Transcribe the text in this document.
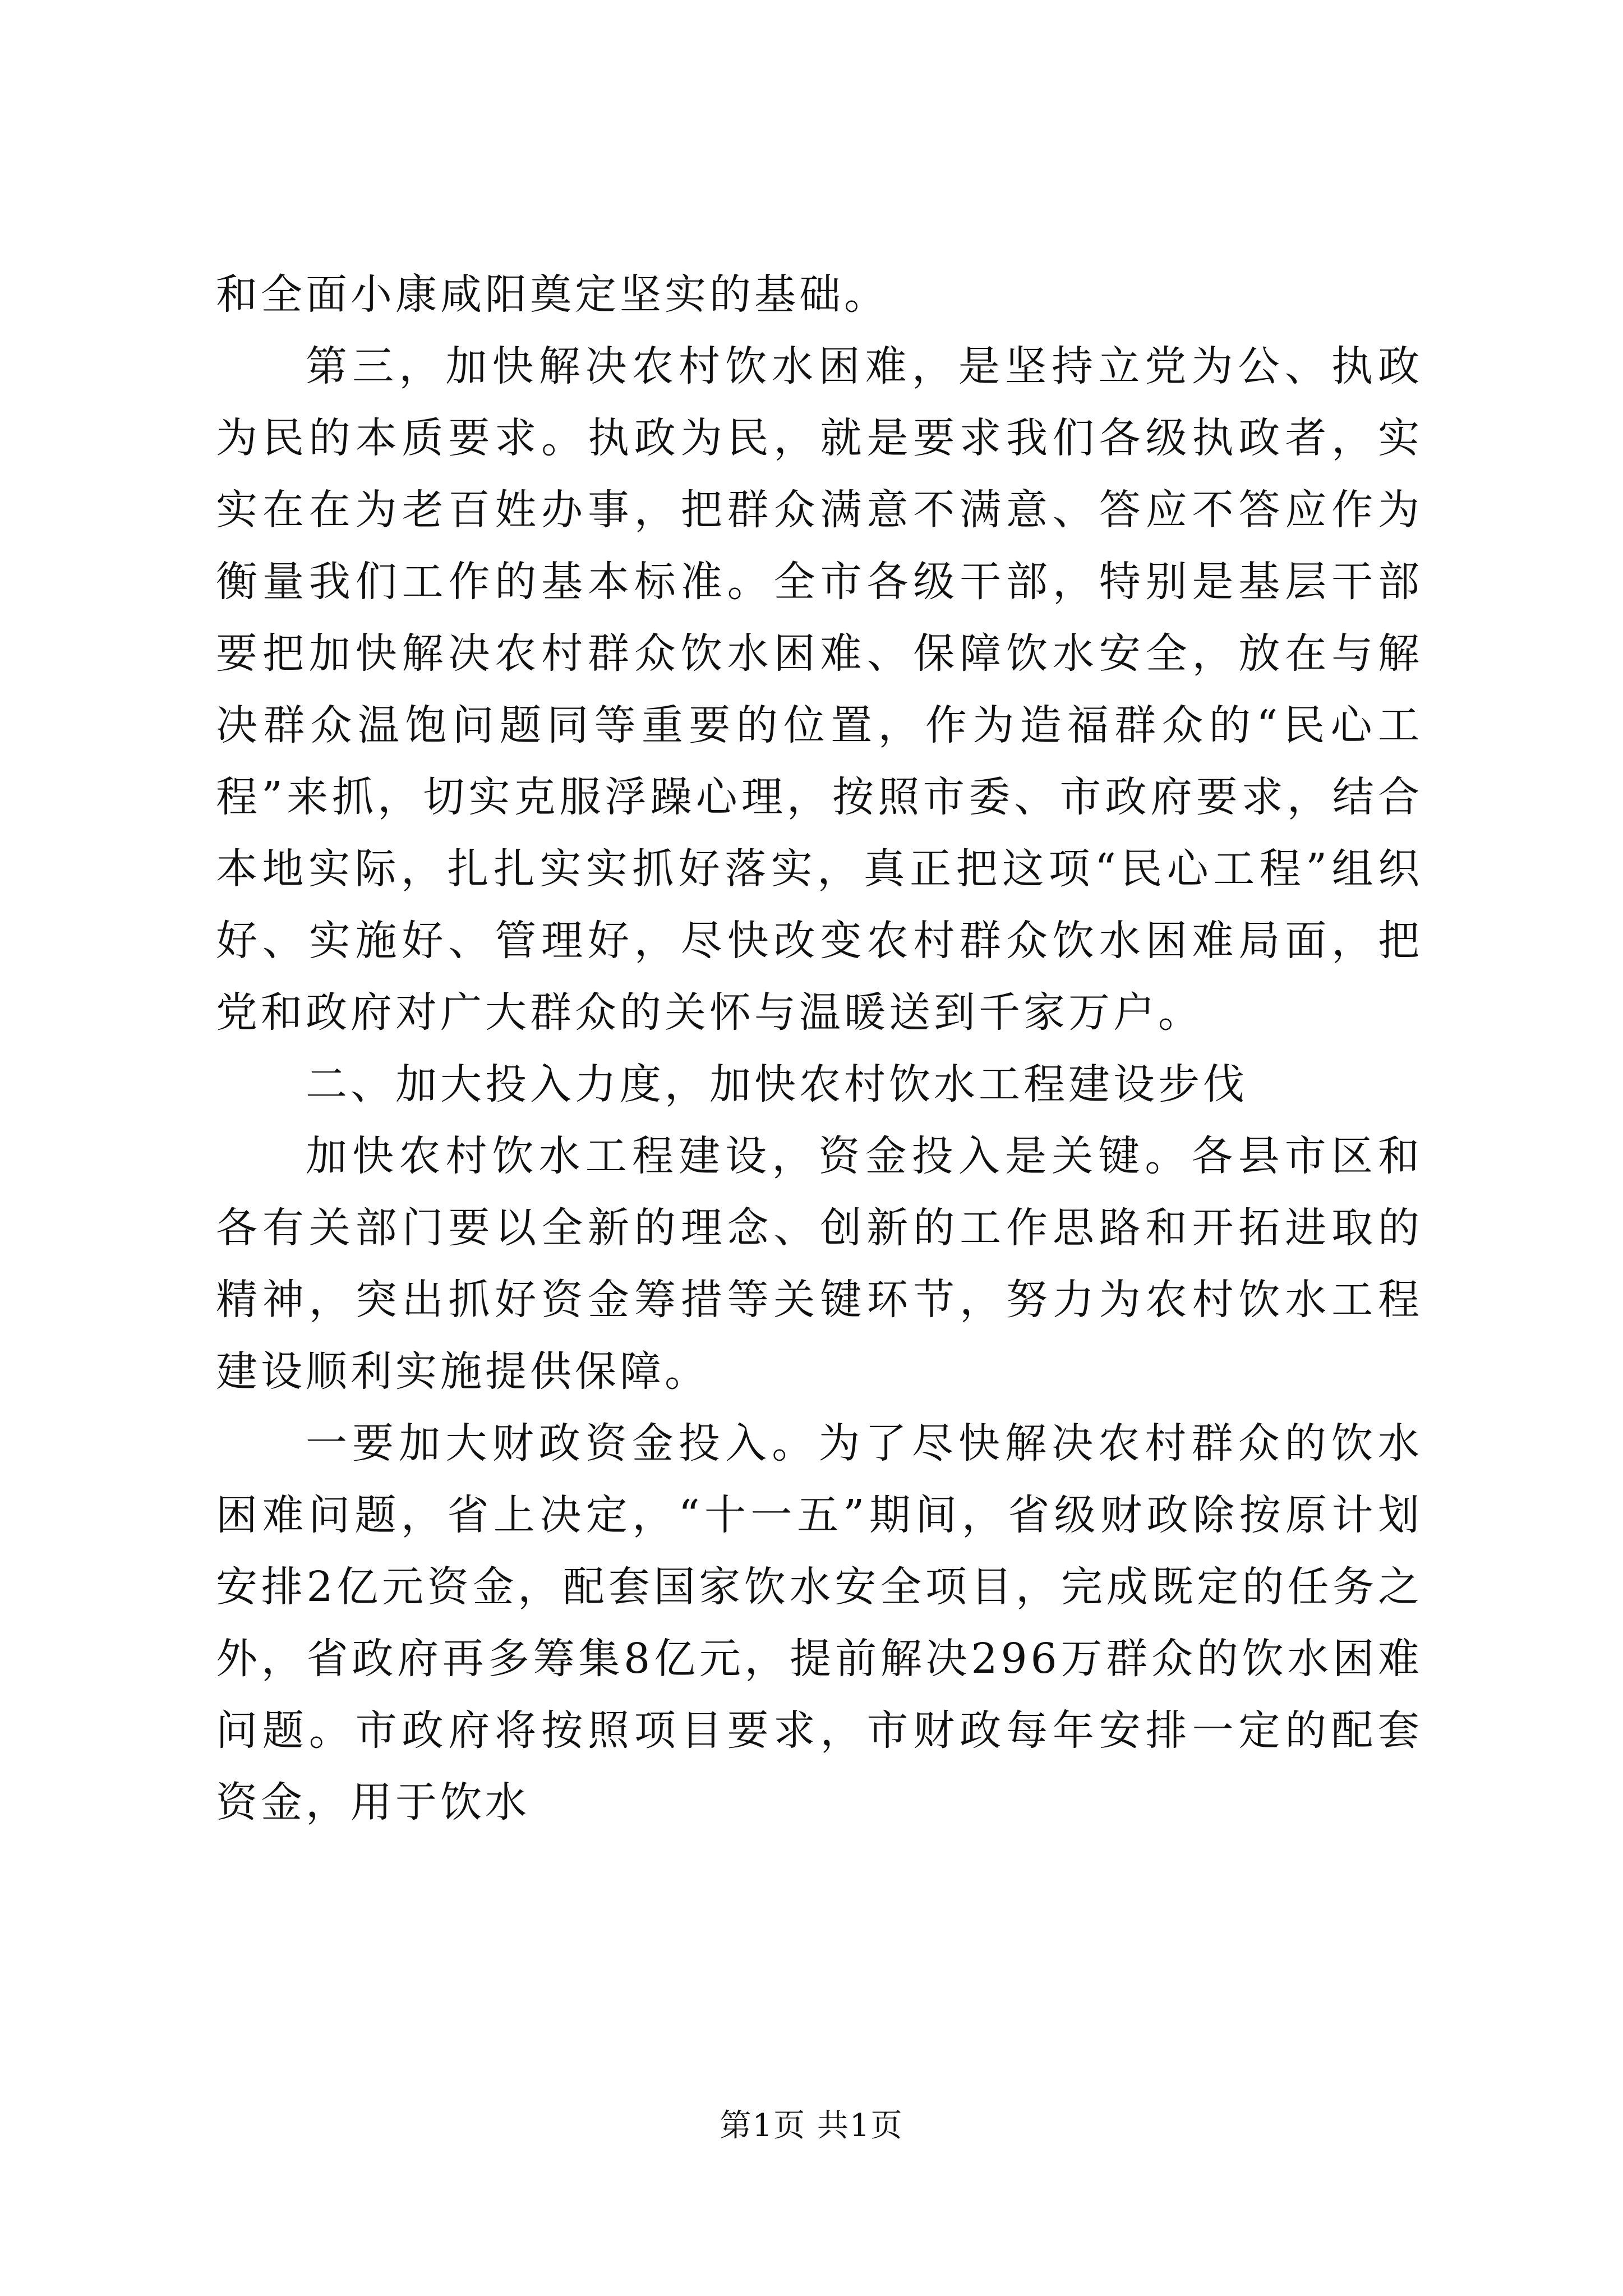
和全面小康咸阳奠定坚实的基础。

第三，加快解决农村饮水困难，是坚持立党为公、执政为民的本质要求。执政为民，就是要求我们各级执政者，实实在在为老百姓办事，把群众满意不满意、答应不答应作为衡量我们工作的基本标准。全市各级干部，特别是基层干部要把加快解决农村群众饮水困难、保障饮水安全，放在与解决群众温饱问题同等重要的位置，作为造福群众的“民心工程”来抓，切实克服浮躁心理，按照市委、市政府要求，结合本地实际，扎扎实实抓好落实，真正把这项“民心工程”组织好、实施好、管理好，尽快改变农村群众饮水困难局面，把党和政府对广大群众的关怀与温暖送到千家万户。

二、加大投入力度，加快农村饮水工程建设步伐

加快农村饮水工程建设，资金投入是关键。各县市区和各有关部门要以全新的理念、创新的工作思路和开拓进取的精神，突出抓好资金筹措等关键环节，努力为农村饮水工程建设顺利实施提供保障。

一要加大财政资金投入。为了尽快解决农村群众的饮水困难问题，省上决定，“十一五”期间，省级财政除按原计划安排2亿元资金，配套国家饮水安全项目，完成既定的任务之外，省政府再多筹集8亿元，提前解决296万群众的饮水困难问题。市政府将按照项目要求，市财政每年安排一定的配套资金，用于饮水

第1页 共1页
